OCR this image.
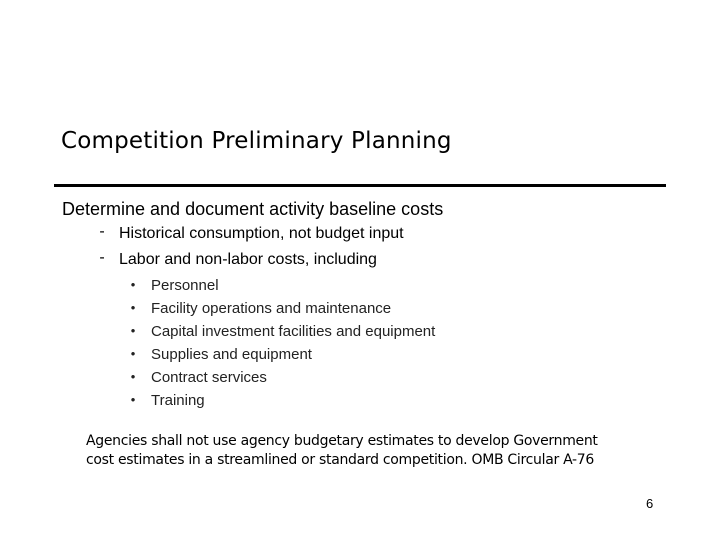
Competition Preliminary Planning
Determine and document activity baseline costs
- Historical consumption, not budget input
- Labor and non-labor costs, including
• Personnel
• Facility operations and maintenance
• Capital investment facilities and equipment
• Supplies and equipment
• Contract services
• Training
Agencies shall not use agency budgetary estimates to develop Government
cost estimates in a streamlined or standard competition. OMB Circular A-76
6
